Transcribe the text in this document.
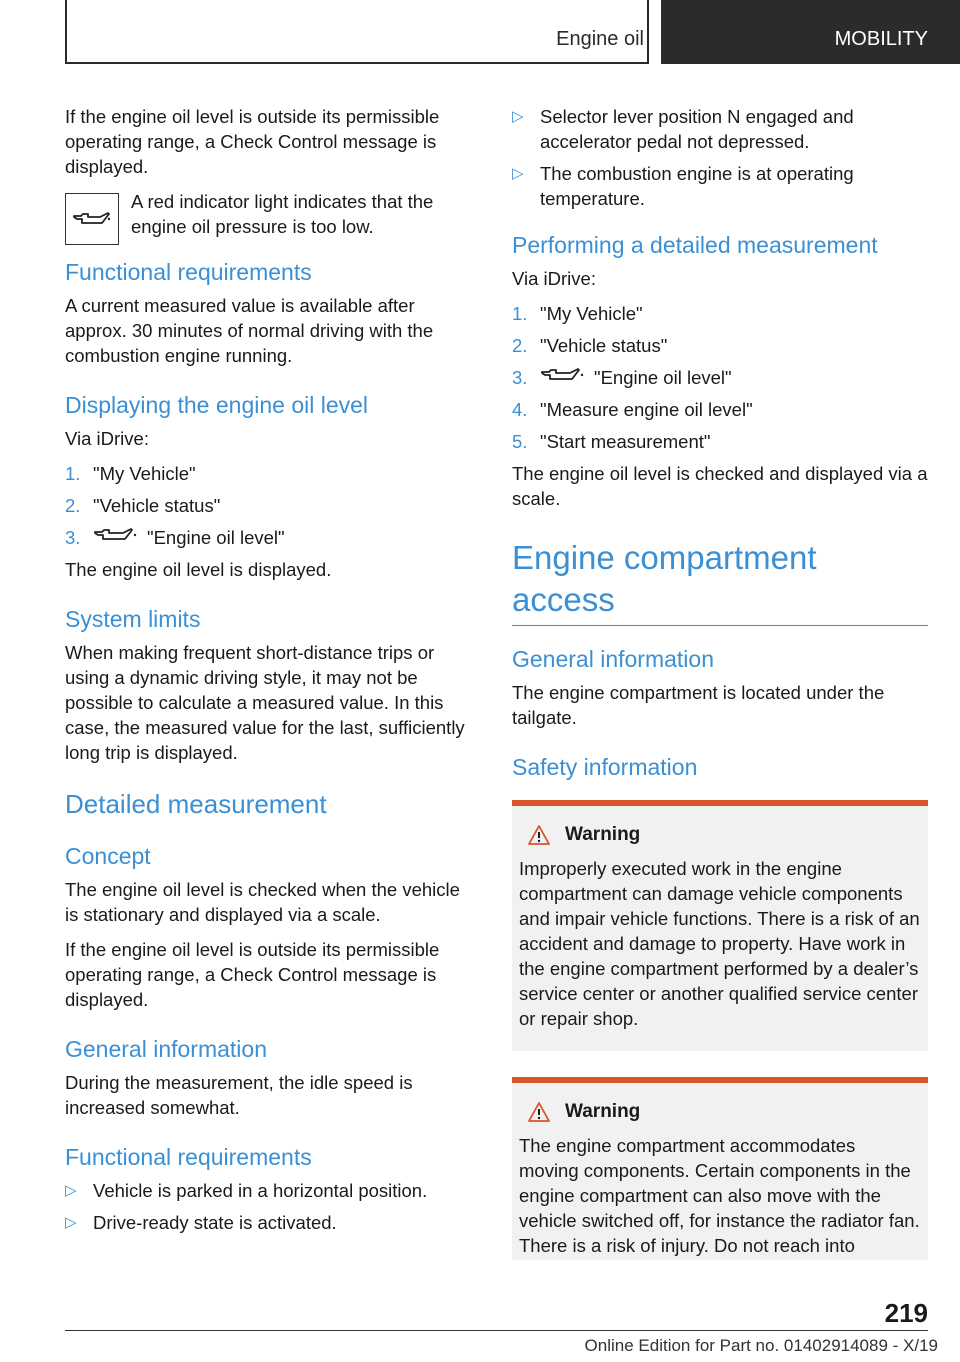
Engine oil	MOBILITY

If the engine oil level is outside its permissible operating range, a Check Control message is displayed.

A red indicator light indicates that the engine oil pressure is too low.

Functional requirements

A current measured value is available after approx. 30 minutes of normal driving with the combustion engine running.

Displaying the engine oil level

Via iDrive:

1. "My Vehicle"
2. "Vehicle status"
3.	"Engine oil level"

The engine oil level is displayed.

System limits

When making frequent short-distance trips or using a dynamic driving style, it may not be possible to calculate a measured value. In this case, the measured value for the last, sufficiently long trip is displayed.

Detailed measurement
Concept

The engine oil level is checked when the vehicle is stationary and displayed via a scale.

If the engine oil level is outside its permissible operating range, a Check Control message is displayed.

General information

During the measurement, the idle speed is increased somewhat.

Functional requirements
▷ Vehicle is parked in a horizontal position.
▷ Drive-ready state is activated.
▷ Selector lever position N engaged and accelerator pedal not depressed.
▷ The combustion engine is at operating temperature.
Performing a detailed measurement

Via iDrive:

1. "My Vehicle"
2. "Vehicle status"
3.	"Engine oil level"
4. "Measure engine oil level"
5. "Start measurement"

The engine oil level is checked and displayed via a scale.

Engine compartment access
General information

The engine compartment is located under the tailgate.

Safety information
Warning

Improperly executed work in the engine compartment can damage vehicle components and impair vehicle functions. There is a risk of an accident and damage to property. Have work in the engine compartment performed by a dealer’s service center or another qualified service center or repair shop.

Warning

The engine compartment accommodates moving components. Certain components in the engine compartment can also move with the vehicle switched off, for instance the radiator fan. There is a risk of injury. Do not reach into

219
Online Edition for Part no. 01402914089 - X/19
